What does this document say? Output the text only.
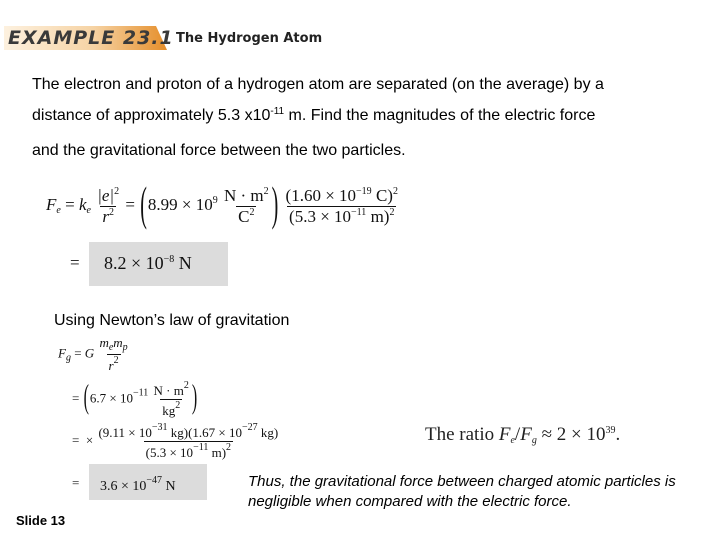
EXAMPLE 23.1 The Hydrogen Atom
The electron and proton of a hydrogen atom are separated (on the average) by a
distance of approximately 5.3 $x10^{-11}$ m. Find the magnitudes of the electric force
and the gravitational force between the two particles.
$F_e = k_e \frac{|e|^2}{r^2} = (8.99 \times 10^9 \frac{N \cdot m^2}{C^2}$ ) $\frac{(1.60 \times 10^{-19} C)^2}{(5.3 \times 10^{-11} m)^2}$
= $8.2 \times 10^{-8}$ N
Using Newton’s law of gravitation
$F_g = G \frac{m_em_p}{r^2}$
= ($6.7 \times 10^{-11} \frac{N \cdot m^2}{kg^2}$ )
= × $\frac{(9.11 \times 10^{-31} kg)(1.67 \times 10^{-27} kg)}{(5.3 \times 10^{-11} m)^2}$
= $3.6 \times 10^{-47}$ N
The ratio $F_e/F_g \approx 2 \times 10^{39}$.
Thus, the gravitational force between charged atomic particles is negligible when compared with the electric force.
Slide 13
